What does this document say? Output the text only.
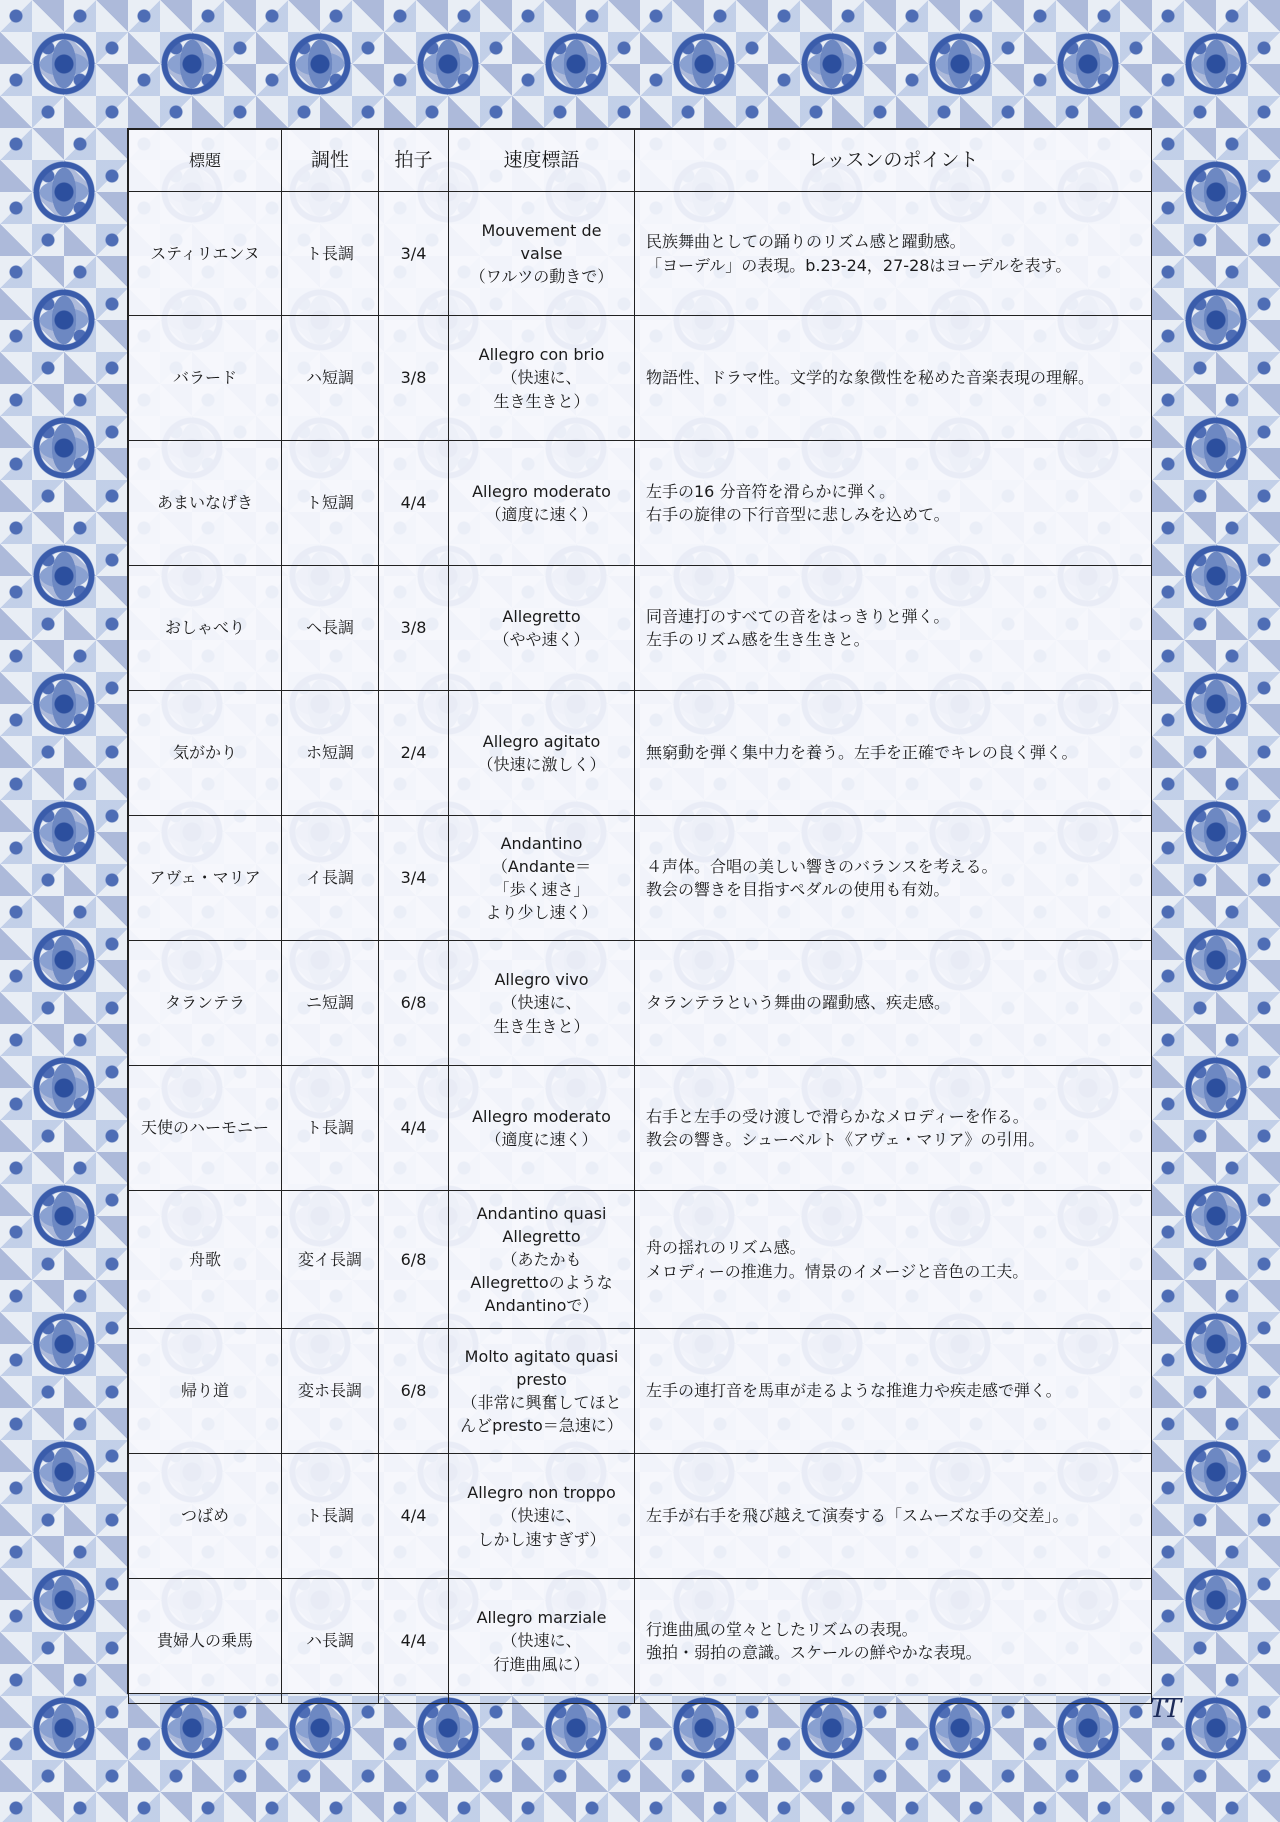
標題	調性	拍子	速度標語	レッスンのポイント
スティリエンヌ	ト長調	3/4	Mouvement de
valse
（ワルツの動きで）	民族舞曲としての踊りのリズム感と躍動感。
「ヨーデル」の表現。b.23-24，27-28はヨーデルを表す。

バラード	ハ短調	3/8	Allegro con brio
（快速に、
生き生きと）	物語性、ドラマ性。文学的な象徴性を秘めた音楽表現の理解。

あまいなげき	ト短調	4/4	Allegro moderato
（適度に速く）	左手の16 分音符を滑らかに弾く。
右手の旋律の下行音型に悲しみを込めて。

おしゃべり	ヘ長調	3/8	Allegretto
（やや速く）	同音連打のすべての音をはっきりと弾く。
左手のリズム感を生き生きと。

気がかり	ホ短調	2/4	Allegro agitato
（快速に激しく）	無窮動を弾く集中力を養う。左手を正確でキレの良く弾く。

アヴェ・マリア	イ長調	3/4	Andantino
（Andante＝
「歩く速さ」
より少し速く）	４声体。合唱の美しい響きのバランスを考える。
教会の響きを目指すペダルの使用も有効。

タランテラ	ニ短調	6/8	Allegro vivo
（快速に、
生き生きと）	タランテラという舞曲の躍動感、疾走感。

天使のハーモニー	ト長調	4/4	Allegro moderato
（適度に速く）	右手と左手の受け渡しで滑らかなメロディーを作る。
教会の響き。シューベルト《アヴェ・マリア》の引用。

舟歌	変イ長調	6/8	Andantino quasi
Allegretto
（あたかも
Allegrettoのような
Andantinoで）	舟の揺れのリズム感。
メロディーの推進力。情景のイメージと音色の工夫。

帰り道	変ホ長調	6/8	Molto agitato quasi
presto
（非常に興奮してほと
んどpresto＝急速に）	左手の連打音を馬車が走るような推進力や疾走感で弾く。

つばめ	ト長調	4/4	Allegro non troppo
（快速に、
しかし速すぎず）	左手が右手を飛び越えて演奏する「スムーズな手の交差」。

貴婦人の乗馬	ハ長調	4/4	Allegro marziale
（快速に、
行進曲風に）	行進曲風の堂々としたリズムの表現。
強拍・弱拍の意識。スケールの鮮やかな表現。
TT
